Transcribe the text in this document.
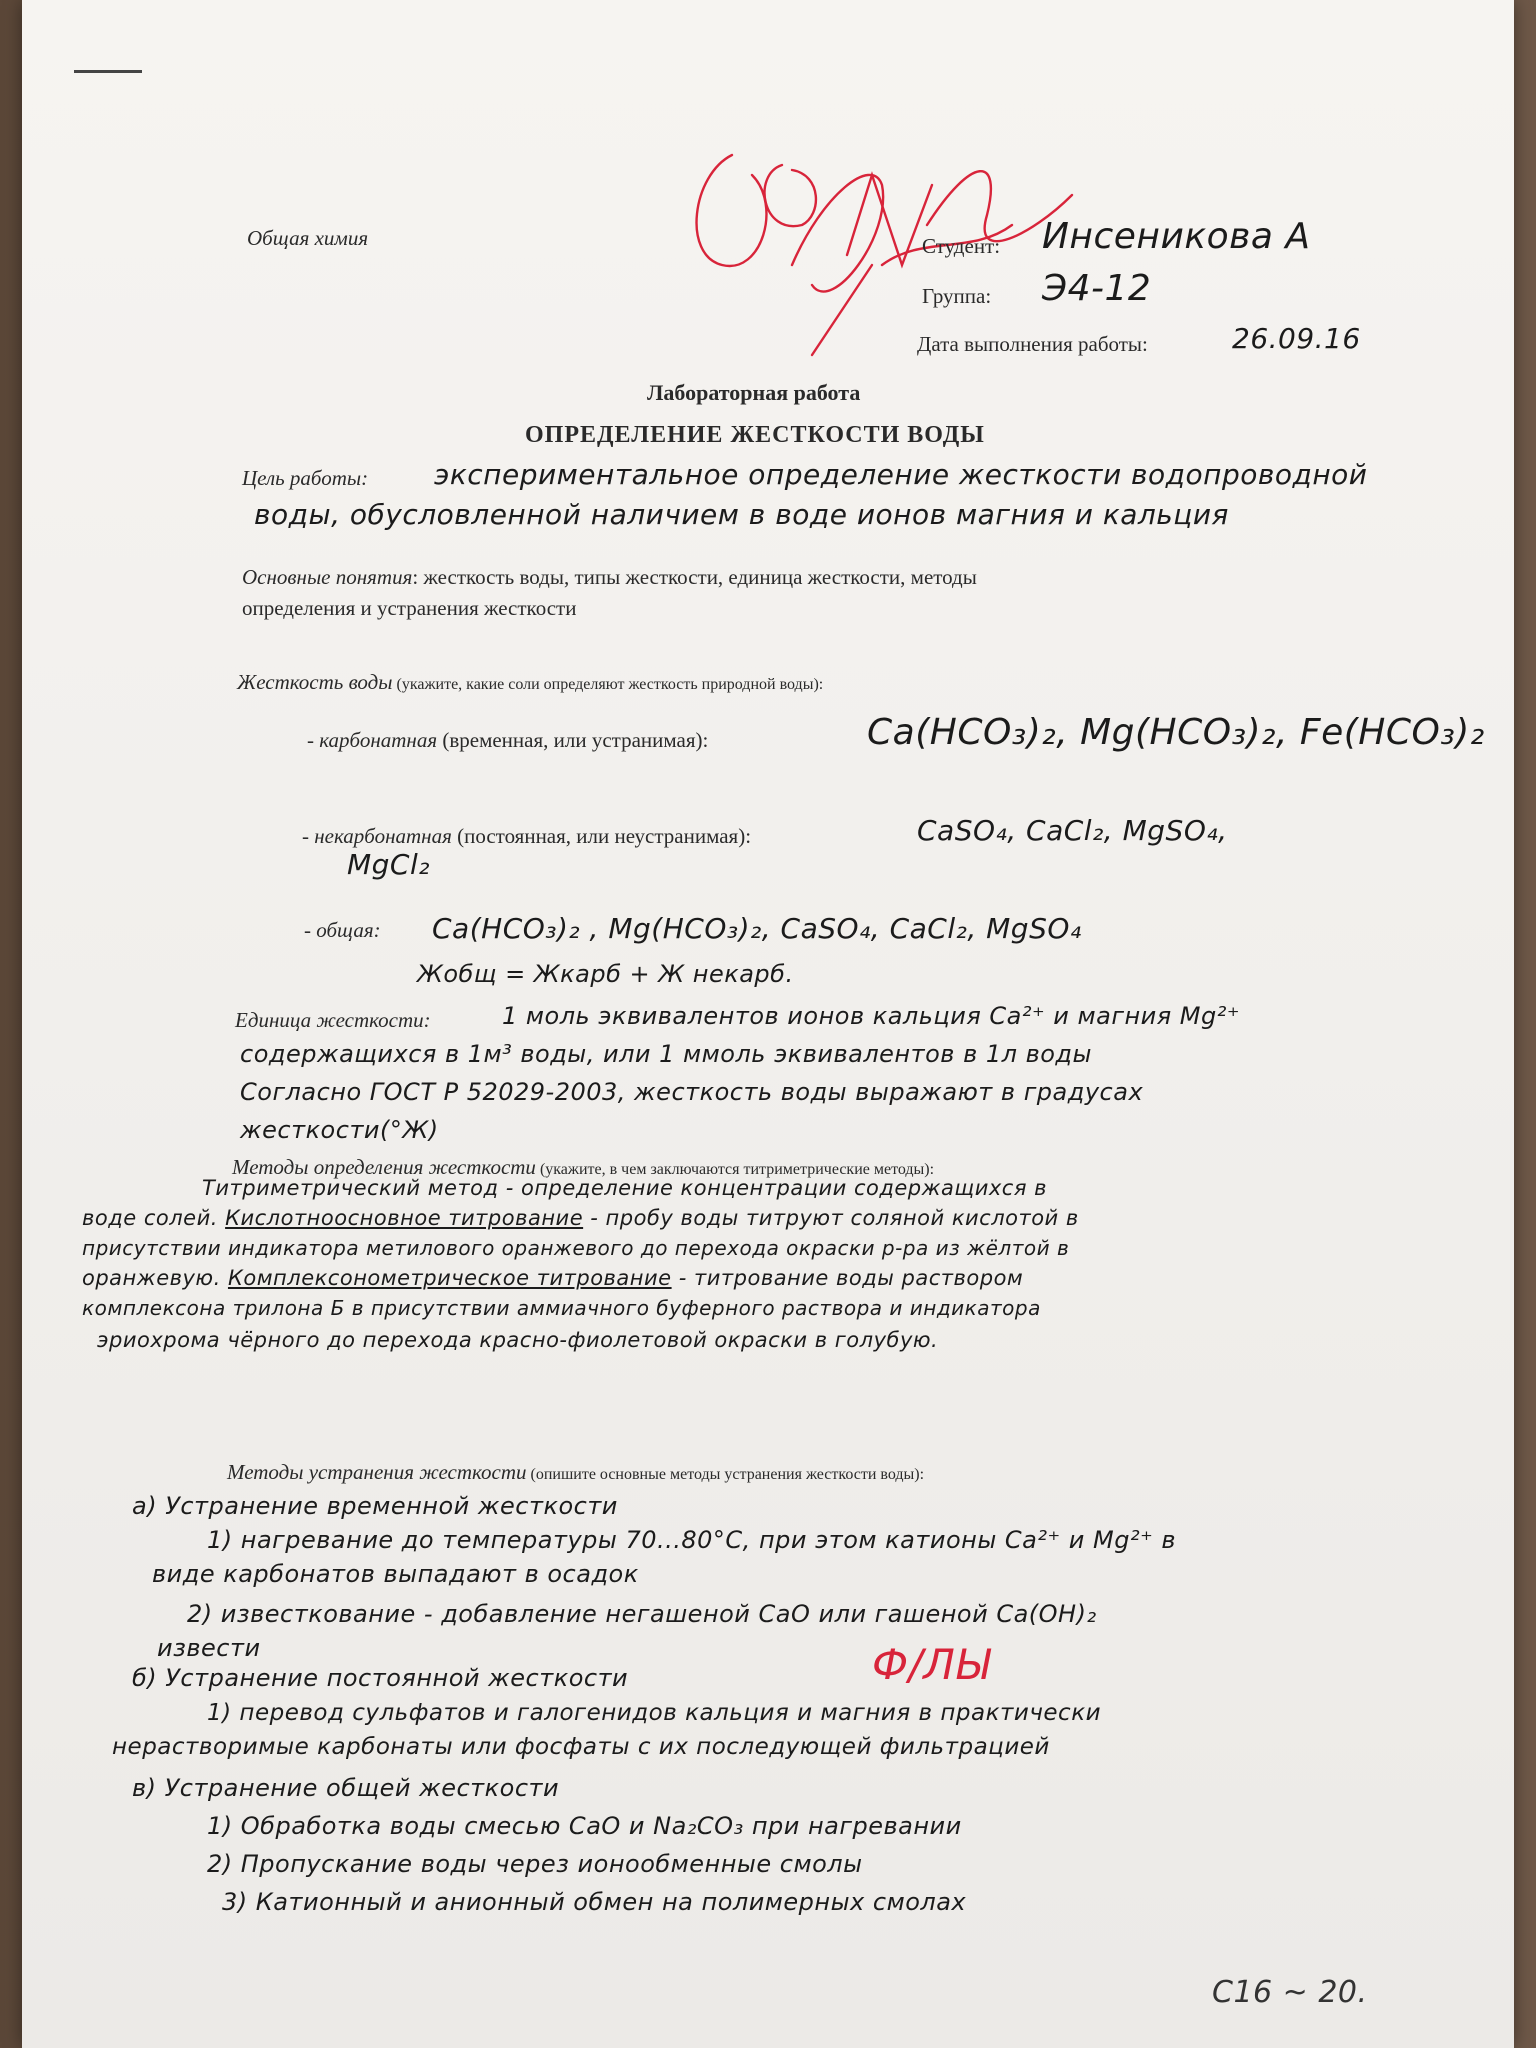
Общая химия	Студент: Инсеникова А
Группа: Э4-12
Дата выполнения работы:	26.09.16
Лабораторная работа
ОПРЕДЕЛЕНИЕ ЖЕСТКОСТИ ВОДЫ
Цель работы: экспериментальное определение жесткости водопроводной
воды, обусловленной наличием в воде ионов магния и кальция
Основные понятия: жесткость воды, типы жесткости, единица жесткости, методы
определения и устранения жесткости
Жесткость воды (укажите, какие соли определяют жесткость природной воды):
- карбонатная (временная, или устранимая):	Ca(HCO₃)₂, Mg(HCO₃)₂, Fe(HCO₃)₂
- некарбонатная (постоянная, или неустранимая):	CaSO₄, CaCl₂, MgSO₄,
MgCl₂
- общая: Ca(HCO₃)₂ , Mg(HCO₃)₂, CaSO₄, CaCl₂, MgSO₄
Жобщ = Жкарб + Ж некарб.
Единица жесткости:	1 моль эквивалентов ионов кальция Ca²⁺ и магния Mg²⁺
содержащихся в 1м³ воды, или 1 ммоль эквивалентов в 1л воды
Согласно ГОСТ Р 52029-2003, жесткость воды выражают в градусах
жесткости(°Ж)
Методы определения жесткости (укажите, в чем заключаются титриметрические методы):
Титриметрический метод - определение концентрации содержащихся в
воде солей. Кислотноосновное титрование - пробу воды титруют соляной кислотой в
присутствии индикатора метилового оранжевого до перехода окраски р-ра из жёлтой в
оранжевую. Комплексонометрическое титрование - титрование воды раствором
комплексона трилона Б в присутствии аммиачного буферного раствора и индикатора
эриохрома чёрного до перехода красно-фиолетовой окраски в голубую.
Методы устранения жесткости (опишите основные методы устранения жесткости воды):
а) Устранение временной жесткости
1) нагревание до температуры 70...80°С, при этом катионы Ca²⁺ и Mg²⁺ в
виде карбонатов выпадают в осадок
2) известкование - добавление негашеной CaO или гашеной Ca(OH)₂
извести
б) Устранение постоянной жесткости	Ф/ЛЫ
1) перевод сульфатов и галогенидов кальция и магния в практически
нерастворимые карбонаты или фосфаты с их последующей фильтрацией
в) Устранение общей жесткости
1) Обработка воды смесью CaO и Na₂CO₃ при нагревании
2) Пропускание воды через ионообменные смолы
3) Катионный и анионный обмен на полимерных смолах
С16 ~ 20.
